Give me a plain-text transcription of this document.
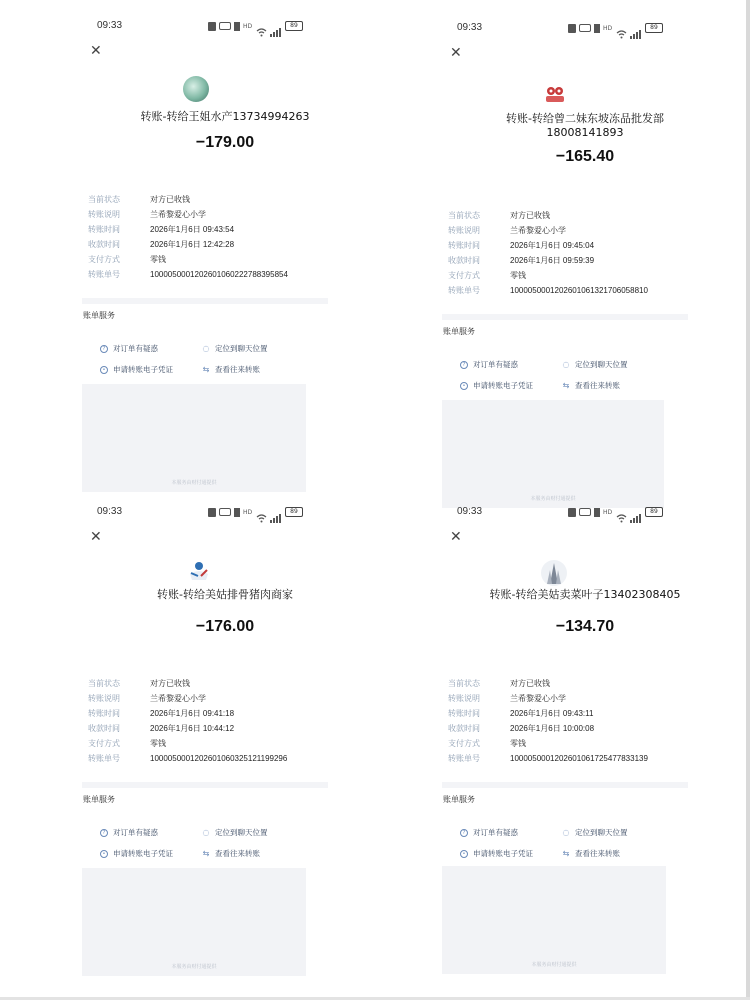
09:33	HD	89
✕
转账-转给王姐水产13734994263
−179.00
当前状态	对方已收钱
转账说明	兰希黎爱心小学
转账时间	2026年1月6日 09:43:54
收款时间	2026年1月6日 12:42:28
支付方式	零钱
转账单号	1000050001202601060222788395854
账单服务
?	对订单有疑惑	◌ 定位到聊天位置
•	申请转账电子凭证	⇆ 查看往来转账
本服务由财付通提供
09:33	HD	89
✕
转账-转给曾二妹东坡冻品批发部
18008141893
−165.40
当前状态	对方已收钱
转账说明	兰希黎爱心小学
转账时间	2026年1月6日 09:45:04
收款时间	2026年1月6日 09:59:39
支付方式	零钱
转账单号	1000050001202601061321706058810
账单服务
?	对订单有疑惑	◌ 定位到聊天位置
•	申请转账电子凭证	⇆ 查看往来转账
本服务由财付通提供
09:33	HD	89
✕
转账-转给美姑排骨猪肉商家
−176.00
当前状态	对方已收钱
转账说明	兰希黎爱心小学
转账时间	2026年1月6日 09:41:18
收款时间	2026年1月6日 10:44:12
支付方式	零钱
转账单号	1000050001202601060325121199296
账单服务
?	对订单有疑惑	◌ 定位到聊天位置
•	申请转账电子凭证	⇆ 查看往来转账
本服务由财付通提供
09:33	HD	89
✕
转账-转给美姑卖菜叶子13402308405
−134.70
当前状态	对方已收钱
转账说明	兰希黎爱心小学
转账时间	2026年1月6日 09:43:11
收款时间	2026年1月6日 10:00:08
支付方式	零钱
转账单号	1000050001202601061725477833139
账单服务
?	对订单有疑惑	◌ 定位到聊天位置
•	申请转账电子凭证	⇆ 查看往来转账
本服务由财付通提供
